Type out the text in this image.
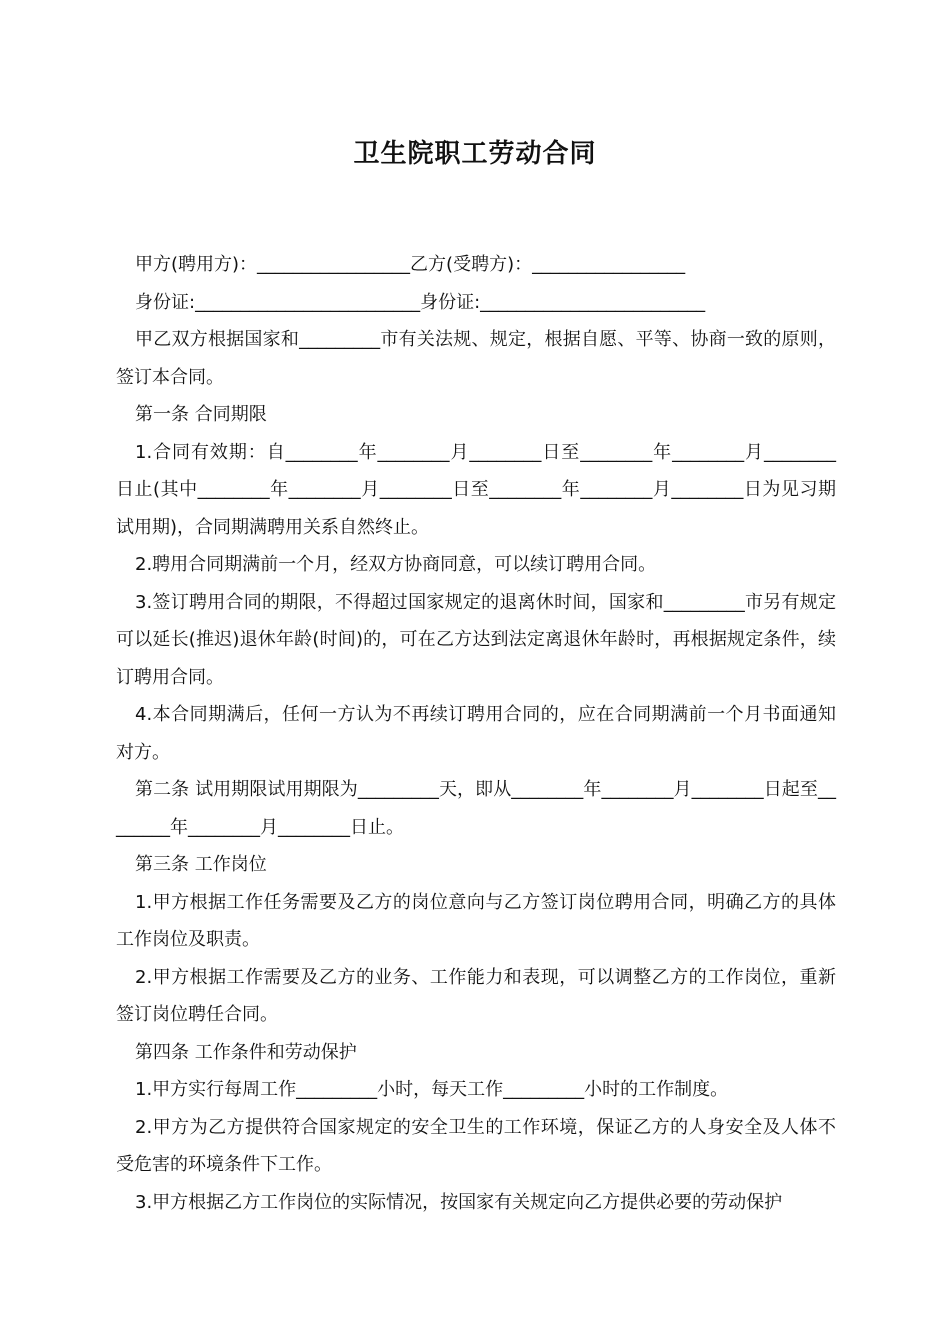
卫生院职工劳动合同

甲方(聘用方)：_________________乙方(受聘方)：_________________

身份证:_________________________身份证:_________________________

甲乙双方根据国家和_________市有关法规、规定，根据自愿、平等、协商一致的原则，签订本合同。

第一条 合同期限

1.合同有效期：自________年________月________日至________年________月________日止(其中________年________月________日至________年________月________日为见习期试用期)，合同期满聘用关系自然终止。

2.聘用合同期满前一个月，经双方协商同意，可以续订聘用合同。

3.签订聘用合同的期限，不得超过国家规定的退离休时间，国家和_________市另有规定可以延长(推迟)退休年龄(时间)的，可在乙方达到法定离退休年龄时，再根据规定条件，续订聘用合同。

4.本合同期满后，任何一方认为不再续订聘用合同的，应在合同期满前一个月书面通知对方。

第二条 试用期限试用期限为_________天，即从________年________月________日起至________年________月________日止。

第三条 工作岗位

1.甲方根据工作任务需要及乙方的岗位意向与乙方签订岗位聘用合同，明确乙方的具体工作岗位及职责。

2.甲方根据工作需要及乙方的业务、工作能力和表现，可以调整乙方的工作岗位，重新签订岗位聘任合同。

第四条 工作条件和劳动保护

1.甲方实行每周工作_________小时，每天工作_________小时的工作制度。

2.甲方为乙方提供符合国家规定的安全卫生的工作环境，保证乙方的人身安全及人体不受危害的环境条件下工作。

3.甲方根据乙方工作岗位的实际情况，按国家有关规定向乙方提供必要的劳动保护
